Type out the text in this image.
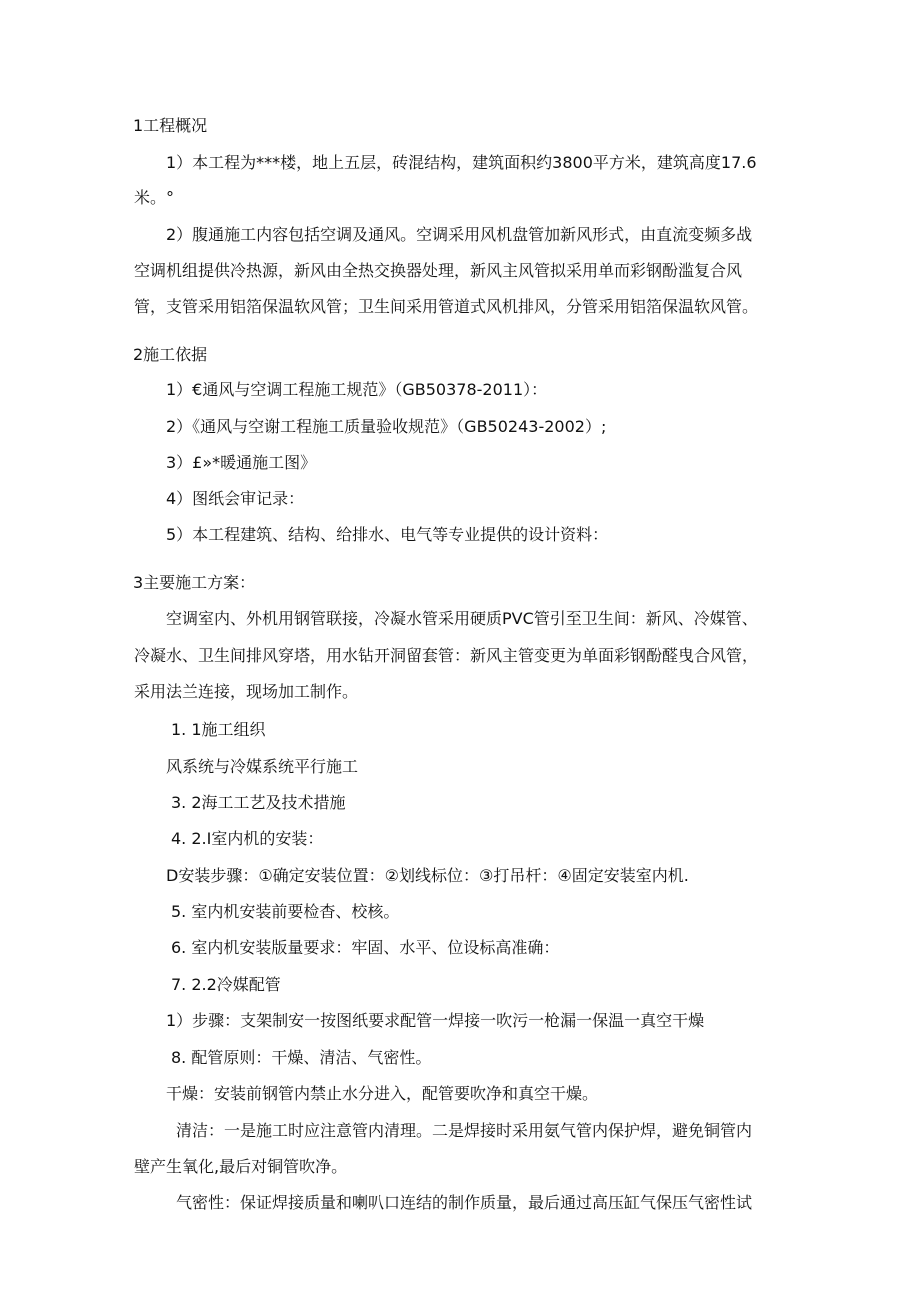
1工程概况
1）本工程为***楼，地上五层，砖混结构，建筑面积约3800平方米，建筑高度17.6
米。°
2）腹通施工内容包括空调及通风。空调采用风机盘管加新风形式，由直流变频多战
空调机组提供冷热源，新风由全热交换器处理，新风主风管拟采用单而彩钢酚滥复合风
管，支管采用铝箔保温软风管；卫生间采用管道式风机排风，分管采用铝箔保温软风管。
2施工依据
1）€通风与空调工程施工规范》（GB50378-2011）：
2）《通风与空谢工程施工质量验收规范》（GB50243-2002）;
3）£»*暖通施工图》
4）图纸会审记录：
5）本工程建筑、结构、给排水、电气等专业提供的设计资料：
3主要施工方案：
空调室内、外机用钢管联接，冷凝水管采用硬质PVC管引至卫生间：新风、冷媒管、
冷凝水、卫生间排风穿塔，用水钻开洞留套管：新风主管变更为单面彩钢酚醛曳合风管，
采用法兰连接，现场加工制作。
1. 1施工组织
风系统与冷媒系统平行施工
3. 2海工工艺及技术措施
4. 2.I室内机的安装：
D安装步骤：①确定安装位置：②划线标位：③打吊杆：④固定安装室内机.
5. 室内机安装前要检杳、校核。
6. 室内机安装版量要求：牢固、水平、位设标高准确：
7. 2.2冷媒配管
1）步骤：支架制安一按图纸要求配管一焊接一吹污一枪漏一保温一真空干燥
8. 配管原则：干燥、清洁、气密性。
干燥：安装前钢管内禁止水分进入，配管要吹净和真空干燥。
清洁：一是施工时应注意管内清理。二是焊接时采用氨气管内保护焊，避免铜管内
壁产生氧化,最后对铜管吹净。
气密性：保证焊接质量和喇叭口连结的制作质量，最后通过高压缸气保压气密性试
